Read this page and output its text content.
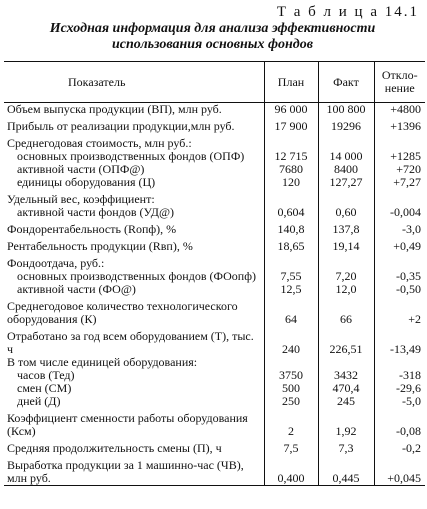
Т а б л и ц а 14.1
Исходная информация для анализа эффективности использования основных фондов
Показатель	План	Факт	Откло-
нение
Объем выпуска продукции (ВП), млн руб.	96 000	100 800	+4800
Прибыль от реализации продукции,млн руб.	17 900	19296	+1396
Среднегодовая стоимость, млн руб.:			
основных производственных фондов (ОПФ)	12 715	14 000	+1285
активной части (ОПФ@)	7680	8400	+720
единицы оборудования (Ц)	120	127,27	+7,27
Удельный вес, коэффициент:			
активной части фондов (УД@)	0,604	0,60	-0,004
Фондорентабельность (Rопф), %	140,8	137,8	-3,0
Рентабельность продукции (Rвп), %	18,65	19,14	+0,49
Фондоотдача, руб.:			
основных производственных фондов (ФОопф)	7,55	7,20	-0,35
активной части (ФО@)	12,5	12,0	-0,50
Среднегодовое количество технологического оборудования (К)	64	66	+2
Отработано за год всем оборудованием (Т), тыс. ч	240	226,51	-13,49
В том числе единицей оборудования:			
часов (Тед)	3750	3432	-318
смен (СМ)	500	470,4	-29,6
дней (Д)	250	245	-5,0
Коэффициент сменности работы оборудования (Ксм)	2	1,92	-0,08
Средняя продолжительность смены (П), ч	7,5	7,3	-0,2
Выработка продукции за 1 машинно-час (ЧВ), млн руб.	0,400	0,445	+0,045
